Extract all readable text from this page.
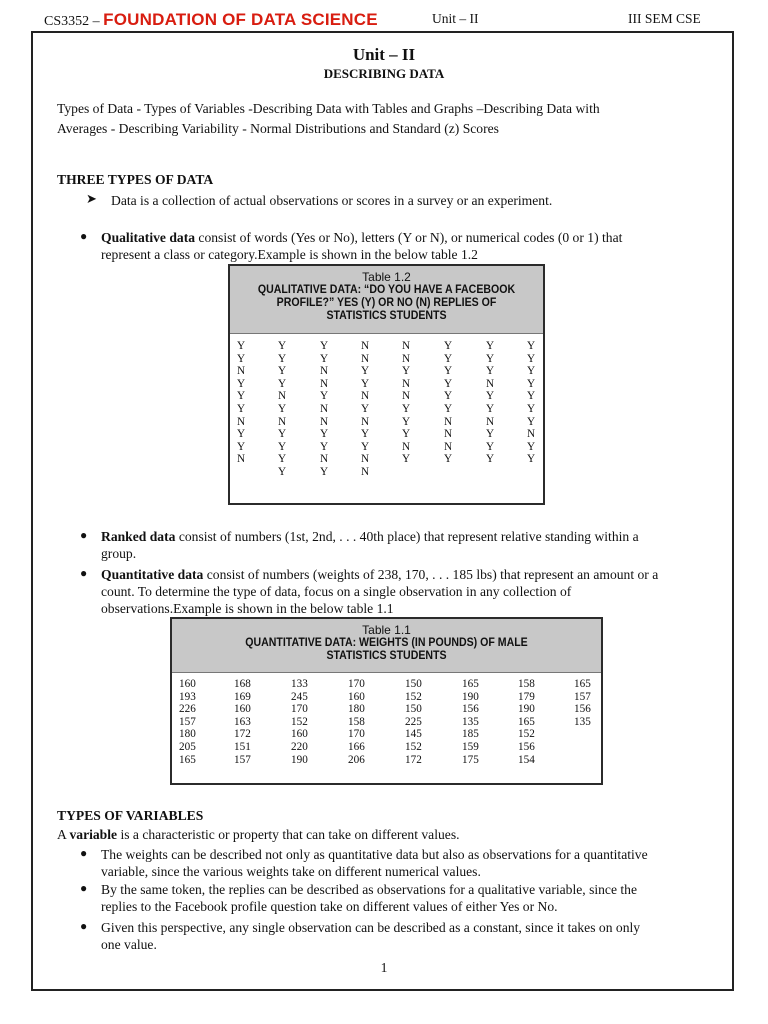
CS3352 – FOUNDATION OF DATA SCIENCE	Unit – II	III SEM CSE
Unit – II
DESCRIBING DATA
Types of Data - Types of Variables -Describing Data with Tables and Graphs –Describing Data with
Averages - Describing Variability - Normal Distributions and Standard (z) Scores
THREE TYPES OF DATA
➤ Data is a collection of actual observations or scores in a survey or an experiment.
● Qualitative data consist of words (Yes or No), letters (Y or N), or numerical codes (0 or 1) that
represent a class or category.Example is shown in the below table 1.2
Table 1.2
QUALITATIVE DATA: “DO YOU HAVE A FACEBOOK
PROFILE?” YES (Y) OR NO (N) REPLIES OF
STATISTICS STUDENTS
Y
Y
N
Y
Y
Y
N
Y
Y
N
Y
Y
Y
Y
N
Y
N
Y
Y
Y
Y
Y
Y
N
N
Y
N
N
Y
Y
N
Y
N
N
Y
Y
N
Y
N
Y
Y
N
N
N
N
Y
N
N
Y
Y
Y
N
Y
Y
Y
Y
Y
Y
Y
N
N
N
Y
Y
Y
Y
N
Y
Y
N
Y
Y
Y
Y
Y
Y
Y
Y
Y
Y
N
Y
Y
● Ranked data consist of numbers (1st, 2nd, . . . 40th place) that represent relative standing within a
group.
● Quantitative data consist of numbers (weights of 238, 170, . . . 185 lbs) that represent an amount or a
count. To determine the type of data, focus on a single observation in any collection of
observations.Example is shown in the below table 1.1
Table 1.1
QUANTITATIVE DATA: WEIGHTS (IN POUNDS) OF MALE
STATISTICS STUDENTS
160
193
226
157
180
205
165
168
169
160
163
172
151
157
133
245
170
152
160
220
190
170
160
180
158
170
166
206
150
152
150
225
145
152
172
165
190
156
135
185
159
175
158
179
190
165
152
156
154
165
157
156
135
TYPES OF VARIABLES
A variable is a characteristic or property that can take on different values.
● The weights can be described not only as quantitative data but also as observations for a quantitative
variable, since the various weights take on different numerical values.
● By the same token, the replies can be described as observations for a qualitative variable, since the
replies to the Facebook profile question take on different values of either Yes or No.
● Given this perspective, any single observation can be described as a constant, since it takes on only
one value.
1
